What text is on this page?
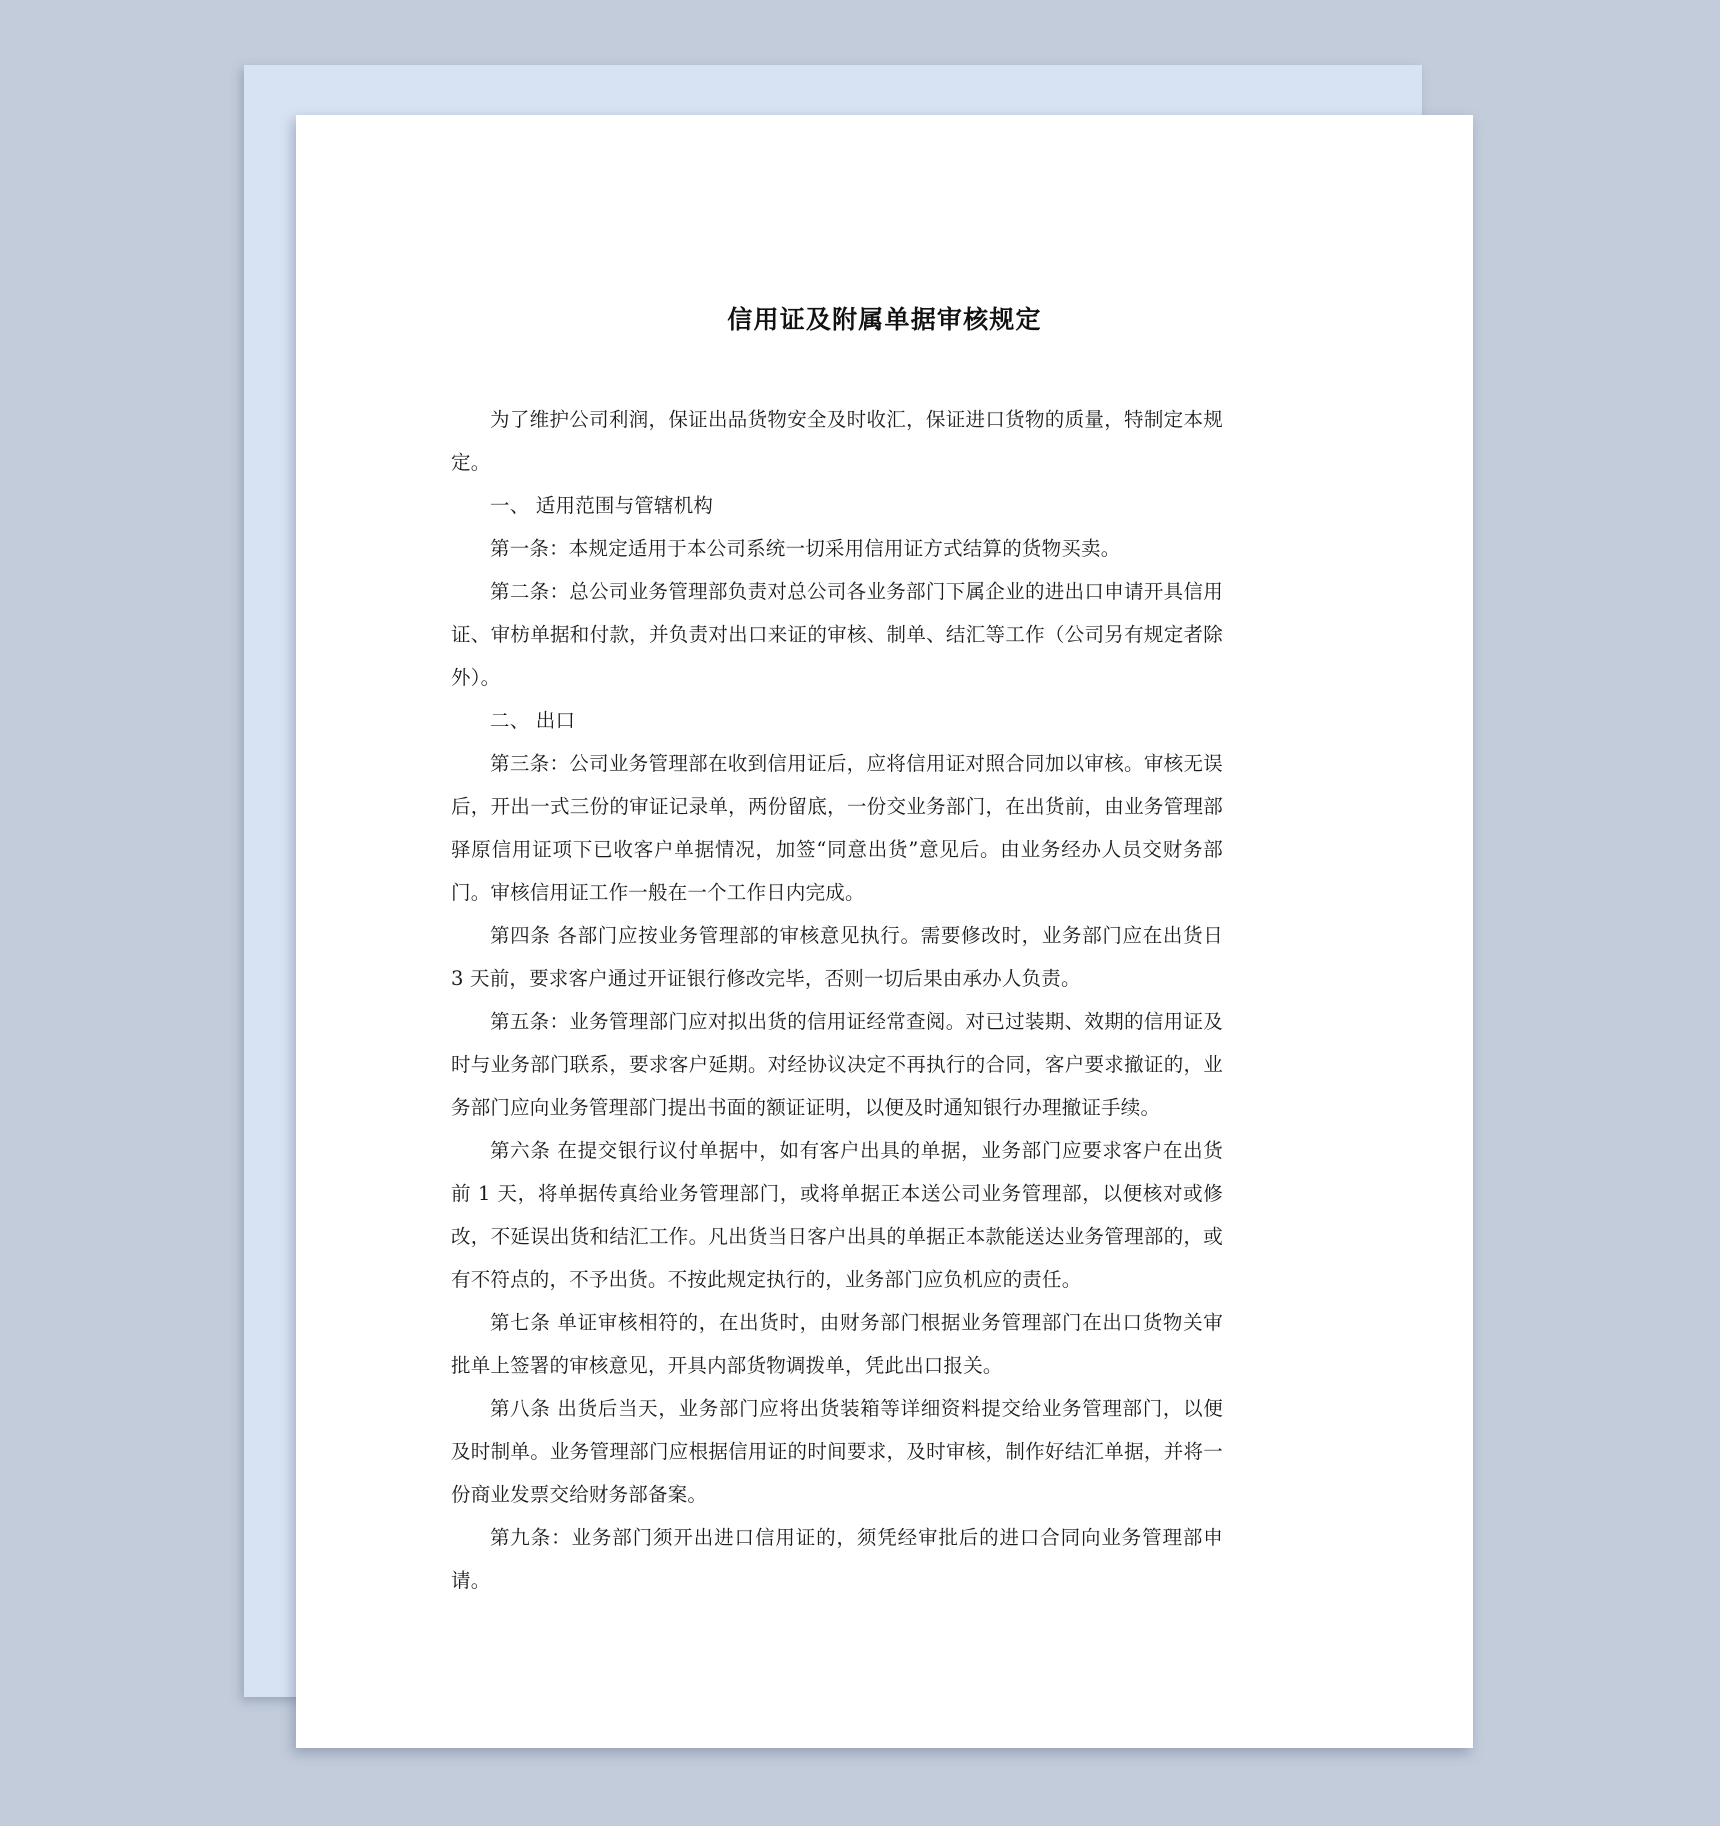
信用证及附属单据审核规定

为了维护公司利润，保证出品货物安全及时收汇，保证进口货物的质量，特制定本规定。

一、 适用范围与管辖机构

第一条：本规定适用于本公司系统一切采用信用证方式结算的货物买卖。

第二条：总公司业务管理部负责对总公司各业务部门下属企业的进出口申请开具信用证、审枋单据和付款，并负责对出口来证的审核、制单、结汇等工作（公司另有规定者除外）。

二、 出口

第三条：公司业务管理部在收到信用证后，应将信用证对照合同加以审核。审核无误后，开出一式三份的审证记录单，两份留底，一份交业务部门，在出货前，由业务管理部驿原信用证项下已收客户单据情况，加签“同意出货”意见后。由业务经办人员交财务部门。审核信用证工作一般在一个工作日内完成。

第四条 各部门应按业务管理部的审核意见执行。需要修改时，业务部门应在出货日 3 天前，要求客户通过开证银行修改完毕，否则一切后果由承办人负责。

第五条：业务管理部门应对拟出货的信用证经常查阅。对已过装期、效期的信用证及时与业务部门联系，要求客户延期。对经协议决定不再执行的合同，客户要求撤证的，业务部门应向业务管理部门提出书面的额证证明，以便及时通知银行办理撤证手续。

第六条 在提交银行议付单据中，如有客户出具的单据，业务部门应要求客户在出货前 1 天，将单据传真给业务管理部门，或将单据正本送公司业务管理部，以便核对或修改，不延误出货和结汇工作。凡出货当日客户出具的单据正本款能送达业务管理部的，或有不符点的，不予出货。不按此规定执行的，业务部门应负机应的责任。

第七条 单证审核相符的，在出货时，由财务部门根据业务管理部门在出口货物关审批单上签署的审核意见，开具内部货物调拨单，凭此出口报关。

第八条 出货后当天，业务部门应将出货装箱等详细资料提交给业务管理部门，以便及时制单。业务管理部门应根据信用证的时间要求，及时审核，制作好结汇单据，并将一份商业发票交给财务部备案。

第九条：业务部门须开出进口信用证的，须凭经审批后的进口合同向业务管理部申请。
